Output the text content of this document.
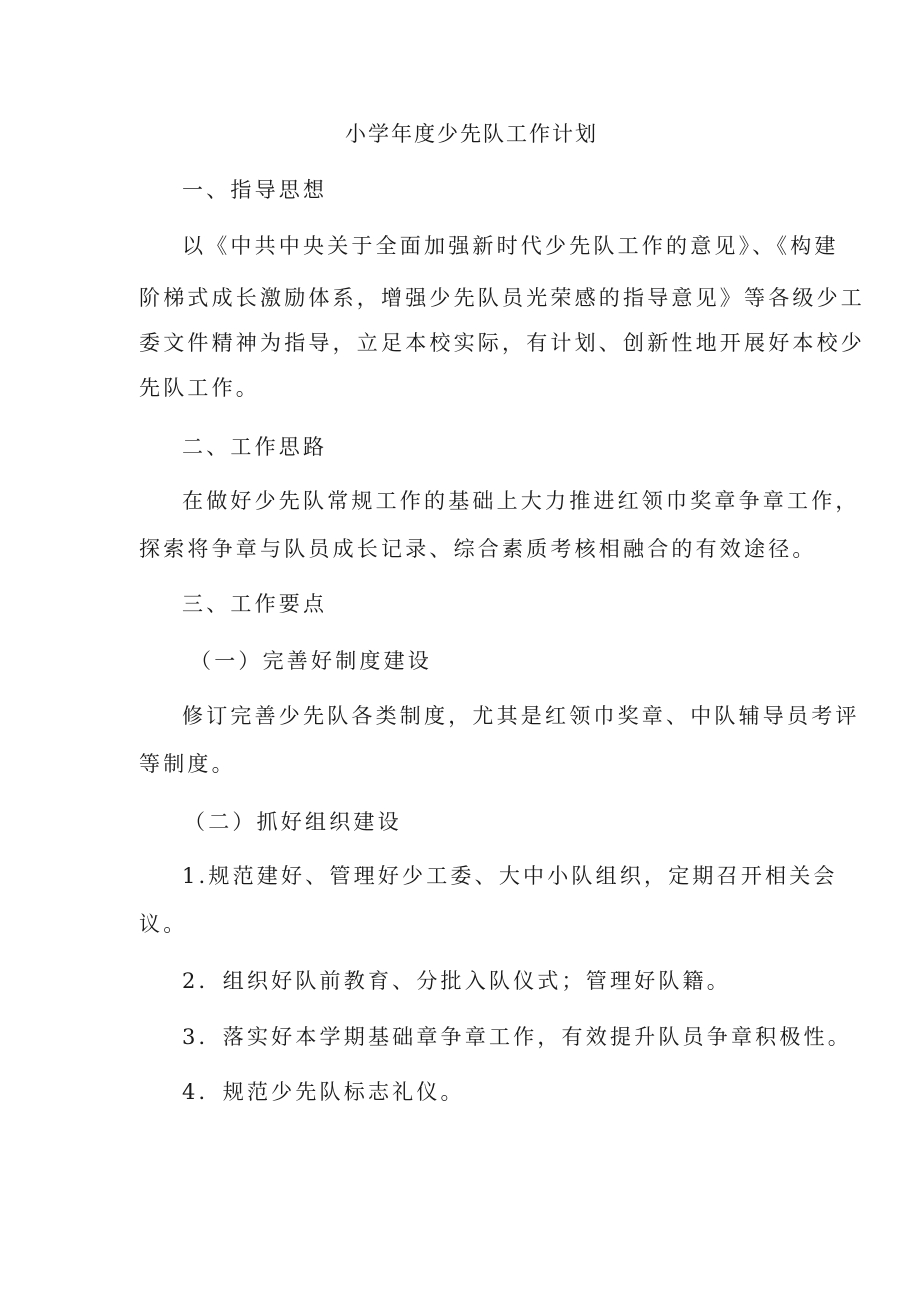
小学年度少先队工作计划
一、指导思想
以《中共中央关于全面加强新时代少先队工作的意见》、《构建
阶梯式成长激励体系，增强少先队员光荣感的指导意见》等各级少工
委文件精神为指导，立足本校实际，有计划、创新性地开展好本校少
先队工作。
二、工作思路
在做好少先队常规工作的基础上大力推进红领巾奖章争章工作，
探索将争章与队员成长记录、综合素质考核相融合的有效途径。
三、工作要点
（一）完善好制度建设
修订完善少先队各类制度，尤其是红领巾奖章、中队辅导员考评
等制度。
（二）抓好组织建设
1.规范建好、管理好少工委、大中小队组织，定期召开相关会
议。
2．组织好队前教育、分批入队仪式；管理好队籍。
3．落实好本学期基础章争章工作，有效提升队员争章积极性。
4．规范少先队标志礼仪。
